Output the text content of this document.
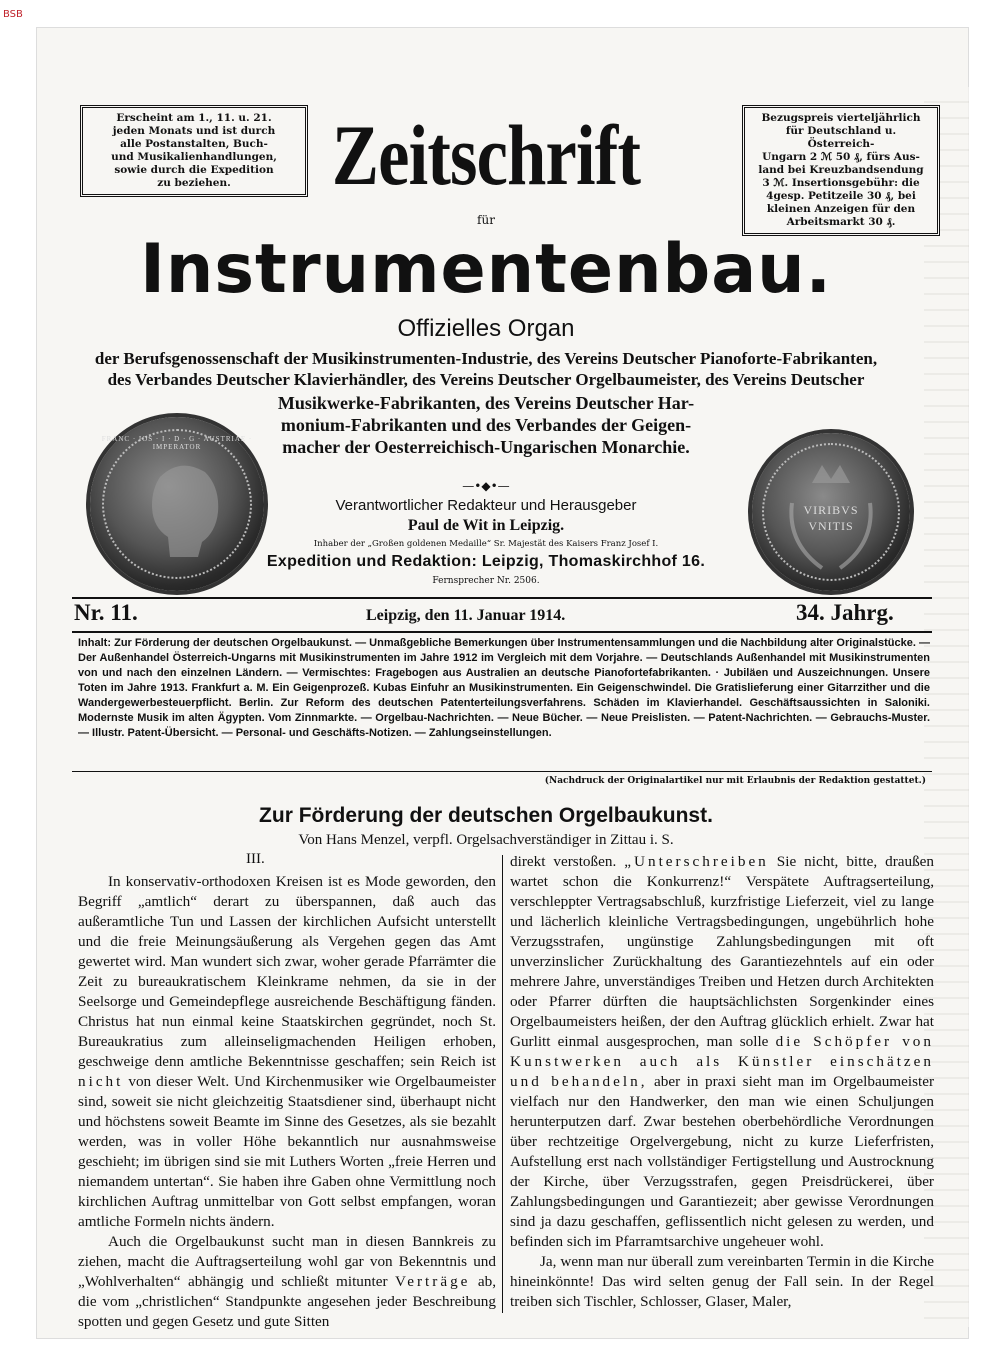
BSB
Erscheint am 1., 11. u. 21.
jeden Monats und ist durch
alle Postanstalten, Buch-
und Musikalienhandlungen,
sowie durch die Expedition
zu beziehen.
Bezugspreis vierteljährlich
für Deutschland u. Österreich-
Ungarn 2 ℳ 50 ₰, fürs Aus-
land bei Kreuzbandsendung
3 ℳ. Insertionsgebühr: die
4gesp. Petitzeile 30 ₰, bei
kleinen Anzeigen für den
Arbeitsmarkt 30 ₰.
Zeitschrift
für
Instrumentenbau.
Offizielles Organ
der Berufsgenossenschaft der Musikinstrumenten-Industrie, des Vereins Deutscher Pianoforte-Fabrikanten,
des Verbandes Deutscher Klavierhändler, des Vereins Deutscher Orgelbaumeister, des Vereins Deutscher
Musikwerke-Fabrikanten, des Vereins Deutscher Har-
monium-Fabrikanten und des Verbandes der Geigen-
macher der Oesterreichisch-Ungarischen Monarchie.
FRANC · IOS · I · D · G · AUSTRIAE · IMPERATOR
VIRIBVS
VNITIS
—•◆•—
Verantwortlicher Redakteur und Herausgeber
Paul de Wit in Leipzig.
Inhaber der „Großen goldenen Medaille“ Sr. Majestät des Kaisers Franz Josef I.
Expedition und Redaktion: Leipzig, Thomaskirchhof 16.
Fernsprecher Nr. 2506.
Nr. 11.	Leipzig, den 11. Januar 1914.	34. Jahrg.
Inhalt: Zur Förderung der deutschen Orgelbaukunst. — Unmaßgebliche Bemerkungen über Instrumentensammlungen und die Nachbildung alter Originalstücke. — Der Außenhandel Österreich-Ungarns mit Musikinstrumenten im Jahre 1912 im Vergleich mit dem Vorjahre. — Deutschlands Außenhandel mit Musikinstrumenten von und nach den einzelnen Ländern. — Vermischtes: Fragebogen aus Australien an deutsche Pianofortefabrikanten. · Jubiläen und Auszeichnungen. Unsere Toten im Jahre 1913. Frankfurt a. M. Ein Geigenprozeß. Kubas Einfuhr an Musikinstrumenten. Ein Geigenschwindel. Die Gratislieferung einer Gitarrzither und die Wandergewerbesteuerpflicht. Berlin. Zur Reform des deutschen Patenterteilungsverfahrens. Schäden im Klavierhandel. Geschäftsaussichten in Saloniki. Modernste Musik im alten Ägypten. Vom Zinnmarkte. — Orgelbau-Nachrichten. — Neue Bücher. — Neue Preislisten. — Patent-Nachrichten. — Gebrauchs-Muster. — Illustr. Patent-Übersicht. — Personal- und Geschäfts-Notizen. — Zahlungseinstellungen.
(Nachdruck der Originalartikel nur mit Erlaubnis der Redaktion gestattet.)
Zur Förderung der deutschen Orgelbaukunst.
Von Hans Menzel, verpfl. Orgelsachverständiger in Zittau i. S.
III.

In konservativ-orthodoxen Kreisen ist es Mode geworden, den Begriff „amtlich“ derart zu überspannen, daß auch das außeramtliche Tun und Lassen der kirchlichen Aufsicht unterstellt und die freie Meinungsäußerung als Vergehen gegen das Amt gewertet wird. Man wundert sich zwar, woher gerade Pfarrämter die Zeit zu bureaukratischem Kleinkrame nehmen, da sie in der Seelsorge und Gemeindepflege ausreichende Beschäftigung fänden. Christus hat nun einmal keine Staatskirchen gegründet, noch St. Bureaukratius zum alleinseligmachenden Heiligen erhoben, geschweige denn amtliche Bekenntnisse geschaffen; sein Reich ist nicht von dieser Welt. Und Kirchenmusiker wie Orgelbaumeister sind, soweit sie nicht gleichzeitig Staatsdiener sind, überhaupt nicht und höchstens soweit Beamte im Sinne des Gesetzes, als sie bezahlt werden, was in voller Höhe bekanntlich nur ausnahmsweise geschieht; im übrigen sind sie mit Luthers Worten „freie Herren und niemandem untertan“. Sie haben ihre Gaben ohne Vermittlung noch kirchlichen Auftrag unmittelbar von Gott selbst empfangen, woran amtliche Formeln nichts ändern.

Auch die Orgelbaukunst sucht man in diesen Bannkreis zu ziehen, macht die Auftragserteilung wohl gar von Bekenntnis und „Wohlverhalten“ abhängig und schließt mitunter Verträge ab, die vom „christlichen“ Standpunkte angesehen jeder Beschreibung spotten und gegen Gesetz und gute Sitten

direkt verstoßen. „Unterschreiben Sie nicht, bitte, draußen wartet schon die Konkurrenz!“ Verspätete Auftragserteilung, verschleppter Vertragsabschluß, kurzfristige Lieferzeit, viel zu lange und lächerlich kleinliche Vertragsbedingungen, ungebührlich hohe Verzugsstrafen, ungünstige Zahlungsbedingungen mit oft unverzinslicher Zurückhaltung des Garantiezehntels auf ein oder mehrere Jahre, unverständiges Treiben und Hetzen durch Architekten oder Pfarrer dürften die hauptsächlichsten Sorgenkinder eines Orgelbaumeisters heißen, der den Auftrag glücklich erhielt. Zwar hat Gurlitt einmal ausgesprochen, man solle die Schöpfer von Kunstwerken auch als Künstler einschätzen und behandeln, aber in praxi sieht man im Orgelbaumeister vielfach nur den Handwerker, den man wie einen Schuljungen herunterputzen darf. Zwar bestehen oberbehördliche Verordnungen über rechtzeitige Orgelvergebung, nicht zu kurze Lieferfristen, Aufstellung erst nach vollständiger Fertigstellung und Austrocknung der Kirche, über Verzugsstrafen, gegen Preisdrückerei, über Zahlungsbedingungen und Garantiezeit; aber gewisse Verordnungen sind ja dazu geschaffen, geflissentlich nicht gelesen zu werden, und befinden sich im Pfarramtsarchive ungeheuer wohl.

Ja, wenn man nur überall zum vereinbarten Termin in die Kirche hineinkönnte! Das wird selten genug der Fall sein. In der Regel treiben sich Tischler, Schlosser, Glaser, Maler,
